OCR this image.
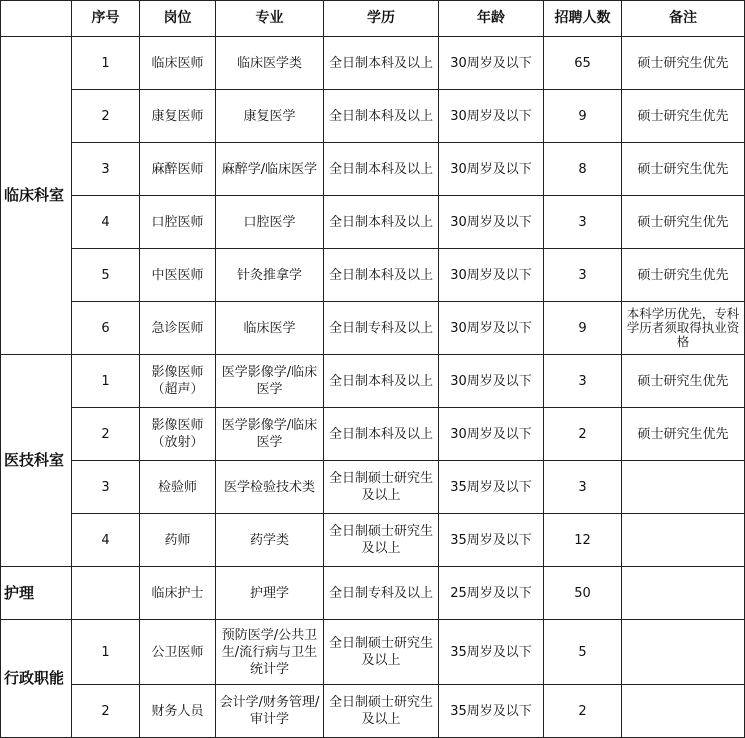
	序号	岗位	专业	学历	年龄	招聘人数	备注
临床科室	1	临床医师	临床医学类	全日制本科及以上	30周岁及以下	65	硕士研究生优先
	2	康复医师	康复医学	全日制本科及以上	30周岁及以下	9	硕士研究生优先
	3	麻醉医师	麻醉学/临床医学	全日制本科及以上	30周岁及以下	8	硕士研究生优先
	4	口腔医师	口腔医学	全日制本科及以上	30周岁及以下	3	硕士研究生优先
	5	中医医师	针灸推拿学	全日制本科及以上	30周岁及以下	3	硕士研究生优先
	6	急诊医师	临床医学	全日制专科及以上	30周岁及以下	9	本科学历优先，专科学历者须取得执业资格
医技科室	1	影像医师（超声）	医学影像学/临床医学	全日制本科及以上	30周岁及以下	3	硕士研究生优先
	2	影像医师（放射）	医学影像学/临床医学	全日制本科及以上	30周岁及以下	2	硕士研究生优先
	3	检验师	医学检验技术类	全日制硕士研究生及以上	35周岁及以下	3	
	4	药师	药学类	全日制硕士研究生及以上	35周岁及以下	12	
护理		临床护士	护理学	全日制专科及以上	25周岁及以下	50	
行政职能	1	公卫医师	预防医学/公共卫生/流行病与卫生统计学	全日制硕士研究生及以上	35周岁及以下	5	
	2	财务人员	会计学/财务管理/审计学	全日制硕士研究生及以上	35周岁及以下	2	
